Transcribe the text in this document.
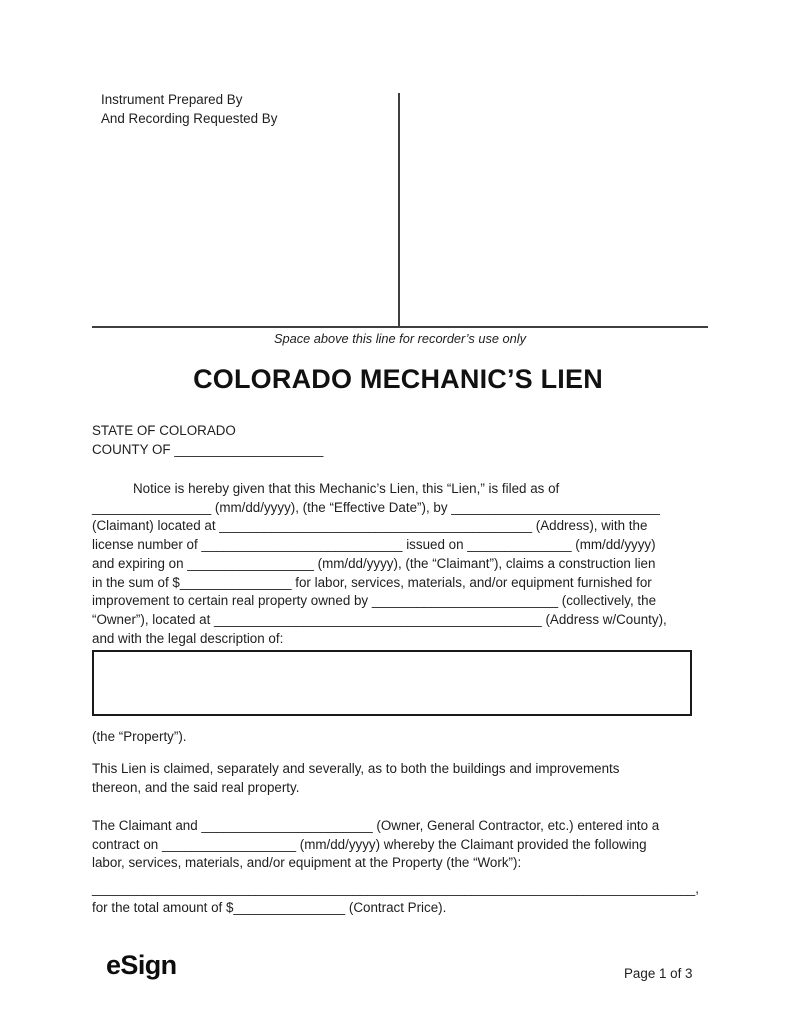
Instrument Prepared By
And Recording Requested By
Space above this line for recorder’s use only
COLORADO MECHANIC’S LIEN
STATE OF COLORADO
COUNTY OF ____________________
Notice is hereby given that this Mechanic’s Lien, this “Lien,” is filed as of
________________ (mm/dd/yyyy), (the “Effective Date”), by ____________________________
(Claimant) located at __________________________________________ (Address), with the
license number of ___________________________ issued on ______________ (mm/dd/yyyy)
and expiring on _________________ (mm/dd/yyyy), (the “Claimant”), claims a construction lien
in the sum of $_______________ for labor, services, materials, and/or equipment furnished for
improvement to certain real property owned by _________________________ (collectively, the
“Owner”), located at ____________________________________________ (Address w/County),
and with the legal description of:
(the “Property”).
This Lien is claimed, separately and severally, as to both the buildings and improvements
thereon, and the said real property.
The Claimant and _______________________ (Owner, General Contractor, etc.) entered into a
contract on __________________ (mm/dd/yyyy) whereby the Claimant provided the following
labor, services, materials, and/or equipment at the Property (the “Work”):
_________________________________________________________________________________,
for the total amount of $_______________ (Contract Price).
eSign	Page 1 of 3
